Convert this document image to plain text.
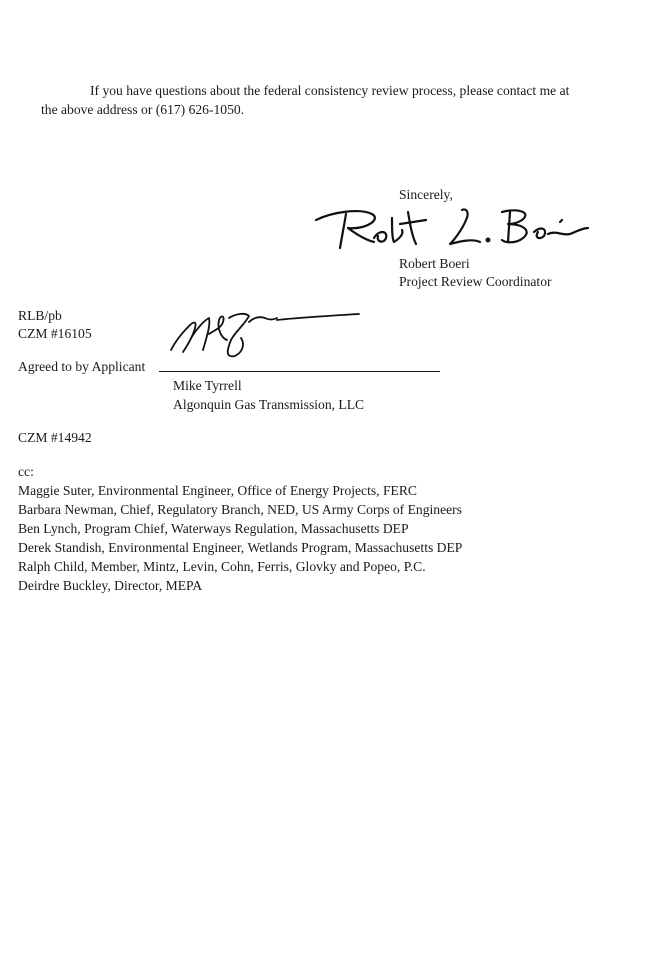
If you have questions about the federal consistency review process, please contact me at
the above address or (617) 626-1050.
Sincerely,
Robert Boeri
Project Review Coordinator
RLB/pb
CZM #16105
Agreed to by Applicant
Mike Tyrrell
Algonquin Gas Transmission, LLC
CZM #14942
cc:
Maggie Suter, Environmental Engineer, Office of Energy Projects, FERC
Barbara Newman, Chief, Regulatory Branch, NED, US Army Corps of Engineers
Ben Lynch, Program Chief, Waterways Regulation, Massachusetts DEP
Derek Standish, Environmental Engineer, Wetlands Program, Massachusetts DEP
Ralph Child, Member, Mintz, Levin, Cohn, Ferris, Glovky and Popeo, P.C.
Deirdre Buckley, Director, MEPA
